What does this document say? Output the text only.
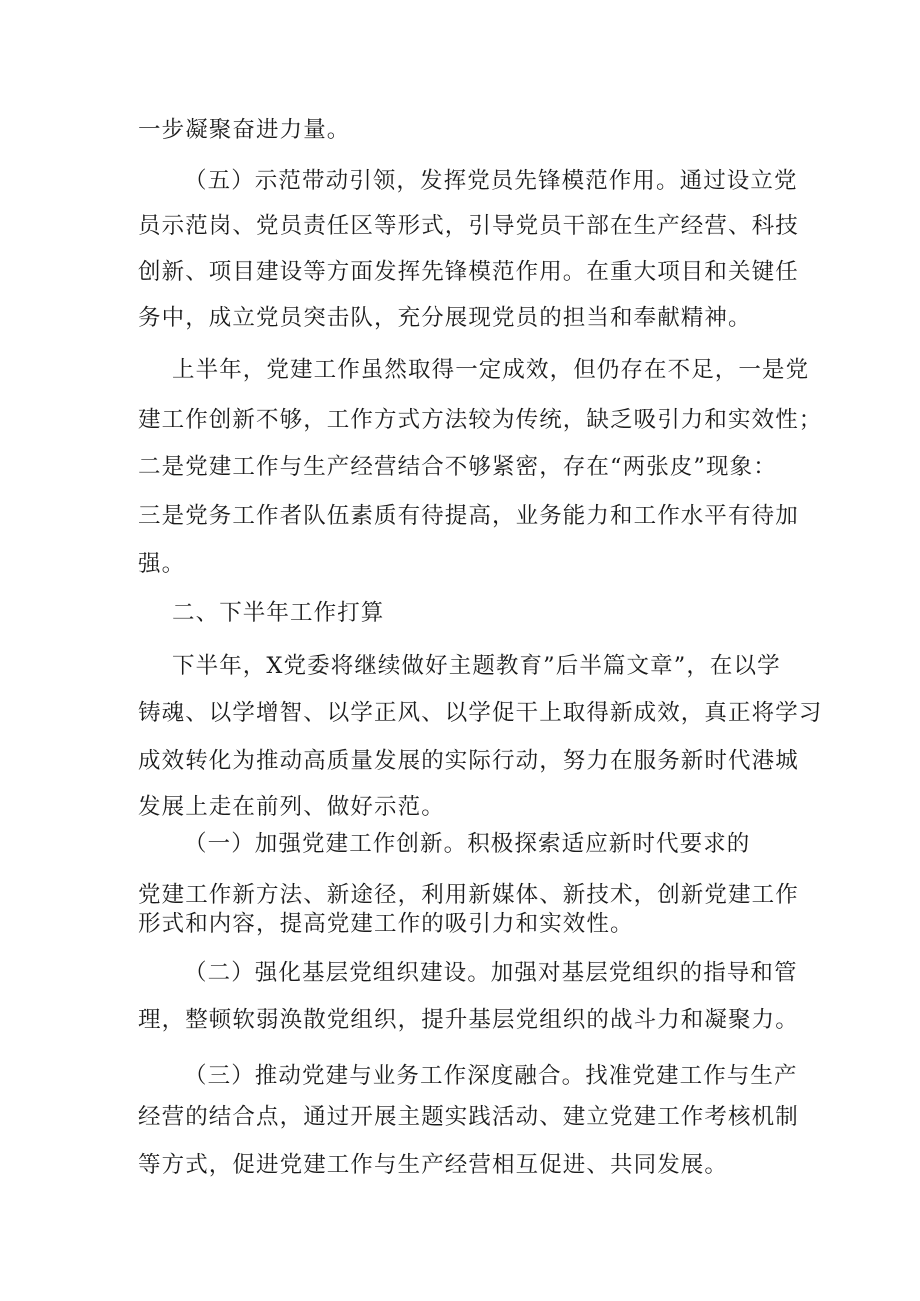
一步凝聚奋进力量。
（五）示范带动引领，发挥党员先锋模范作用。通过设立党
员示范岗、党员责任区等形式，引导党员干部在生产经营、科技
创新、项目建设等方面发挥先锋模范作用。在重大项目和关键任
务中，成立党员突击队，充分展现党员的担当和奉献精神。
上半年，党建工作虽然取得一定成效，但仍存在不足，一是党
建工作创新不够，工作方式方法较为传统，缺乏吸引力和实效性；
二是党建工作与生产经营结合不够紧密，存在“两张皮”现象：
三是党务工作者队伍素质有待提高，业务能力和工作水平有待加
强。
二、下半年工作打算
下半年，X党委将继续做好主题教育”后半篇文章”，在以学
铸魂、以学增智、以学正风、以学促干上取得新成效，真正将学习
成效转化为推动高质量发展的实际行动，努力在服务新时代港城
发展上走在前列、做好示范。
（一）加强党建工作创新。积极探索适应新时代要求的
党建工作新方法、新途径，利用新媒体、新技术，创新党建工作
形式和内容，提高党建工作的吸引力和实效性。
（二）强化基层党组织建设。加强对基层党组织的指导和管
理，整顿软弱涣散党组织，提升基层党组织的战斗力和凝聚力。
（三）推动党建与业务工作深度融合。找准党建工作与生产
经营的结合点，通过开展主题实践活动、建立党建工作考核机制
等方式，促进党建工作与生产经营相互促进、共同发展。
